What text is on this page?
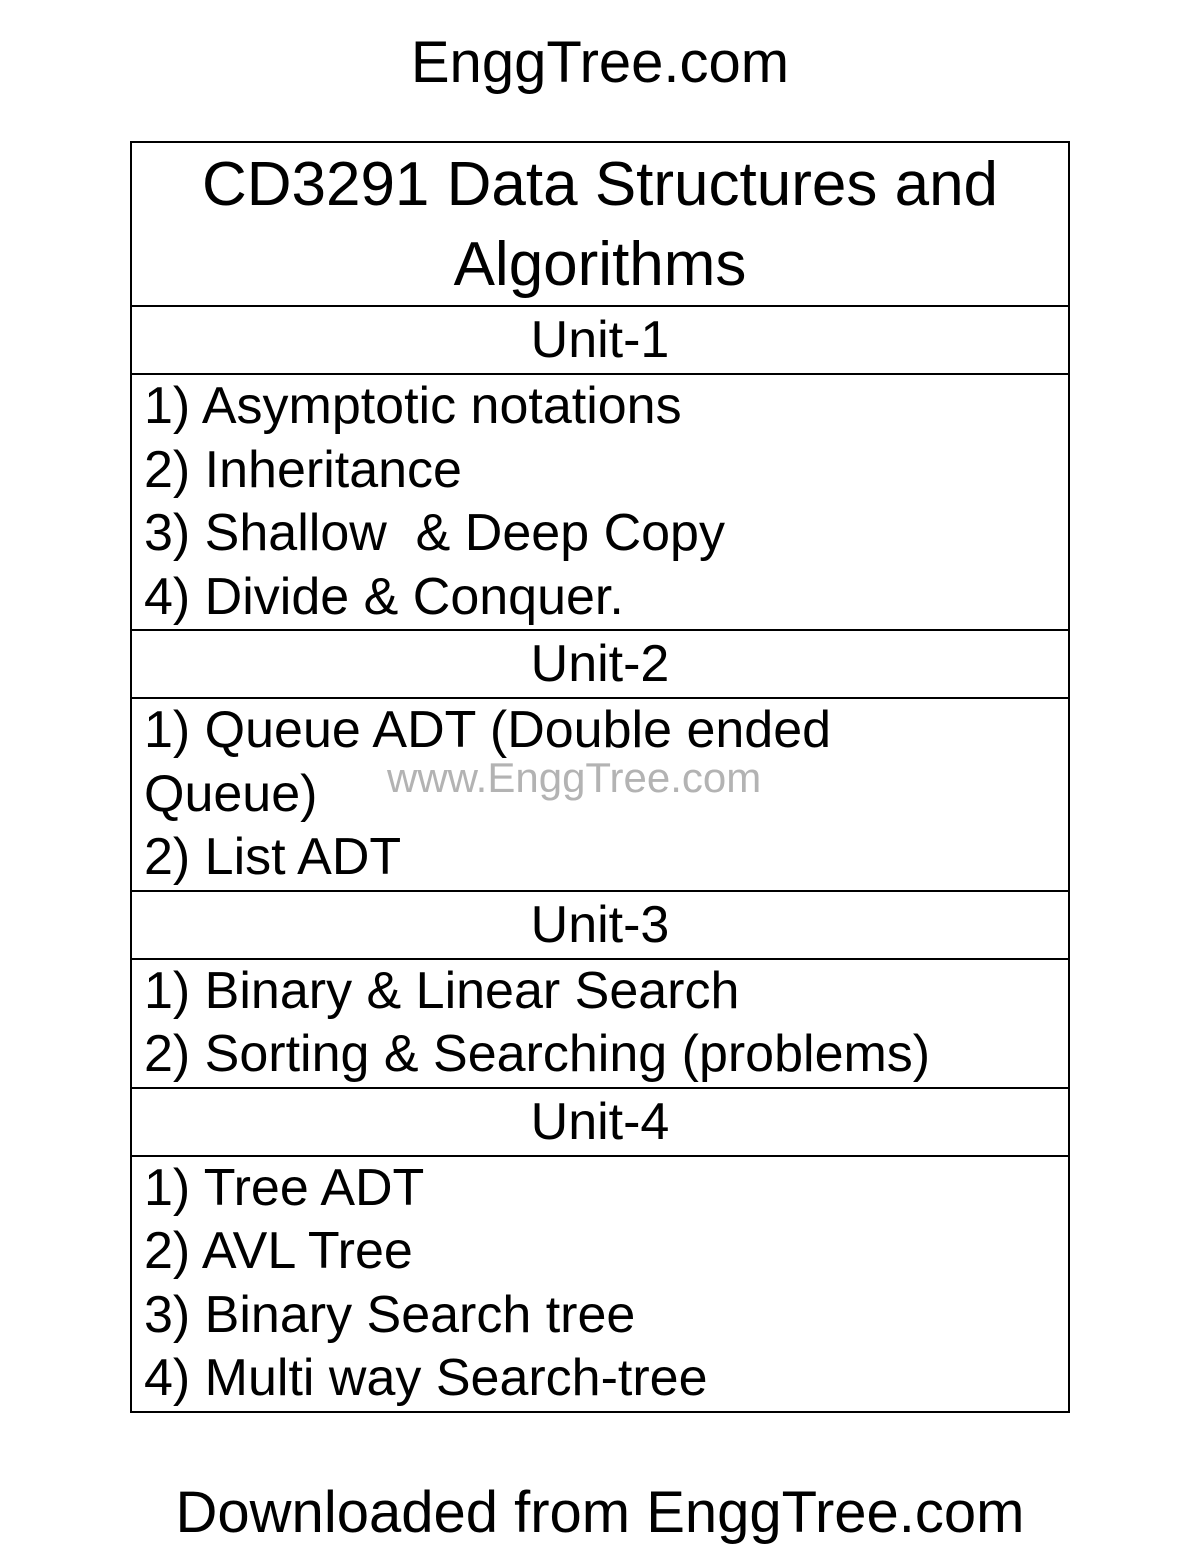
EnggTree.com
CD3291 Data Structures and
Algorithms

Unit-1

1) Asymptotic notations
2) Inheritance
3) Shallow  & Deep Copy
4) Divide & Conquer.

Unit-2

1) Queue ADT (Double ended
Queue)
2) List ADT
www.EnggTree.com

Unit-3

1) Binary & Linear Search
2) Sorting & Searching (problems)

Unit-4

1) Tree ADT
2) AVL Tree
3) Binary Search tree
4) Multi way Search-tree
Downloaded from EnggTree.com
